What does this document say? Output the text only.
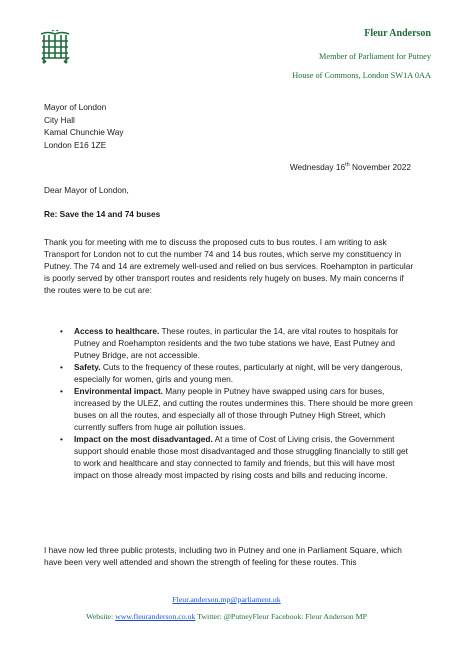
Fleur Anderson
Member of Parliament for Putney
House of Commons, London SW1A 0AA
Mayor of London
City Hall
Kamal Chunchie Way
London E16 1ZE
Wednesday 16th November 2022
Dear Mayor of London,
Re: Save the 14 and 74 buses
Thank you for meeting with me to discuss the proposed cuts to bus routes. I am writing to ask Transport for London not to cut the number 74 and 14 bus routes, which serve my constituency in Putney. The 74 and 14 are extremely well-used and relied on bus services. Roehampton in particular is poorly served by other transport routes and residents rely hugely on buses. My main concerns if the routes were to be cut are:
• Access to healthcare. These routes, in particular the 14, are vital routes to hospitals for Putney and Roehampton residents and the two tube stations we have, East Putney and Putney Bridge, are not accessible.
• Safety. Cuts to the frequency of these routes, particularly at night, will be very dangerous, especially for women, girls and young men.
• Environmental impact. Many people in Putney have swapped using cars for buses, increased by the ULEZ, and cutting the routes undermines this. There should be more green buses on all the routes, and especially all of those through Putney High Street, which currently suffers from huge air pollution issues.
• Impact on the most disadvantaged. At a time of Cost of Living crisis, the Government support should enable those most disadvantaged and those struggling financially to still get to work and healthcare and stay connected to family and friends, but this will have most impact on those already most impacted by rising costs and bills and reducing income.
I have now led three public protests, including two in Putney and one in Parliament Square, which have been very well attended and shown the strength of feeling for these routes. This
Fleur.anderson.mp@parliament.uk
Website: www.fleuranderson.co.uk Twitter: @PutneyFleur Facebook: Fleur Anderson MP
